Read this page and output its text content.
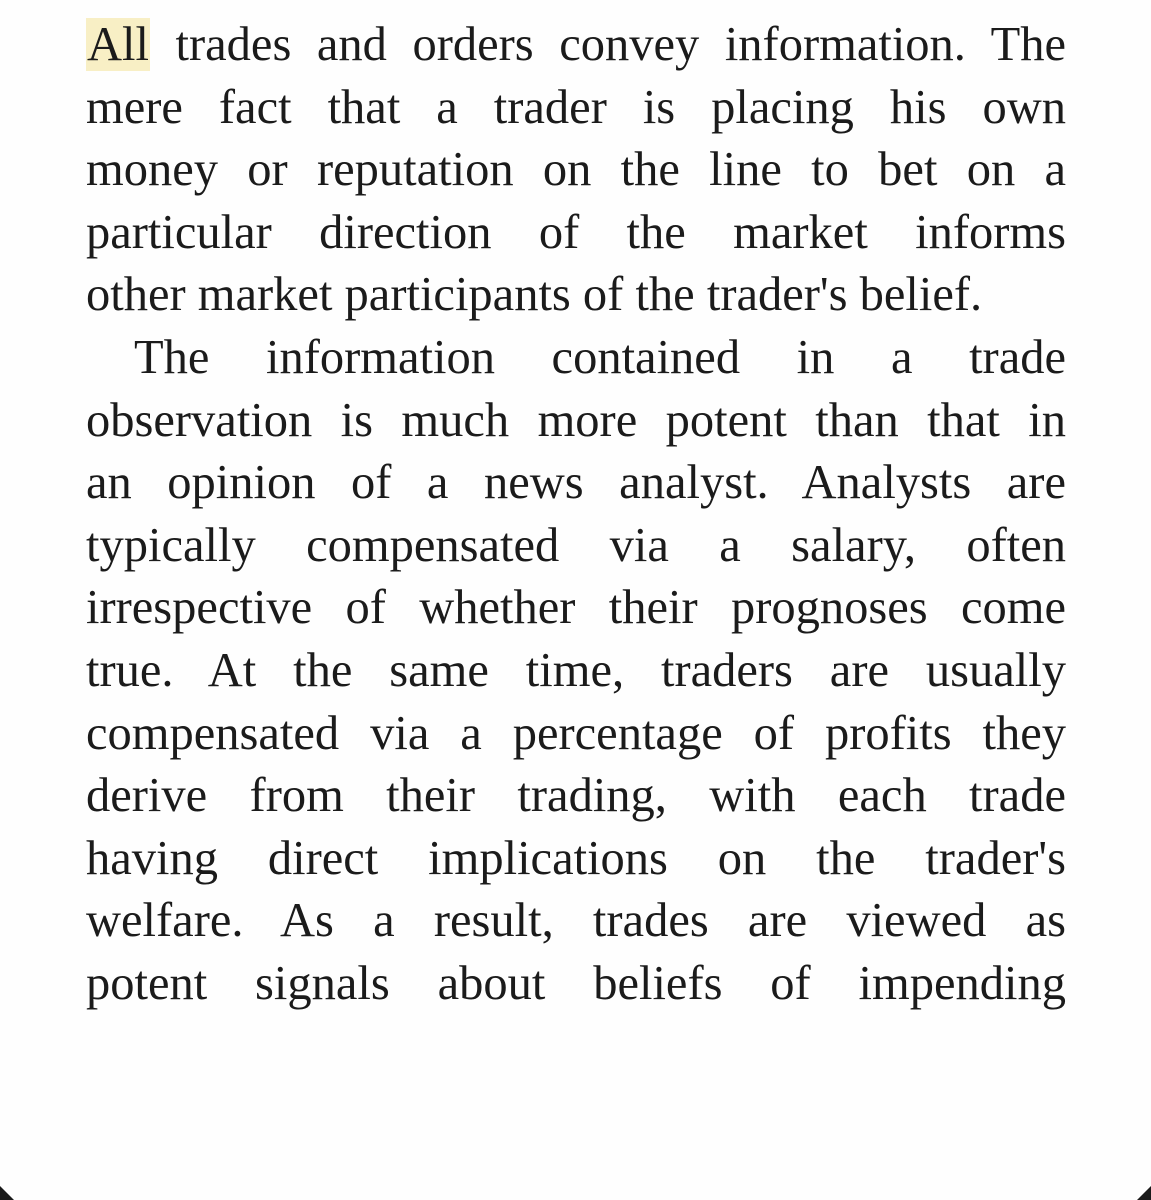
All trades and orders convey information. The
mere fact that a trader is placing his own
money or reputation on the line to bet on a
particular direction of the market informs
other market participants of the trader's belief.
The information contained in a trade
observation is much more potent than that in
an opinion of a news analyst. Analysts are
typically compensated via a salary, often
irrespective of whether their prognoses come
true. At the same time, traders are usually
compensated via a percentage of profits they
derive from their trading, with each trade
having direct implications on the trader's
welfare. As a result, trades are viewed as
potent signals about beliefs of impending
